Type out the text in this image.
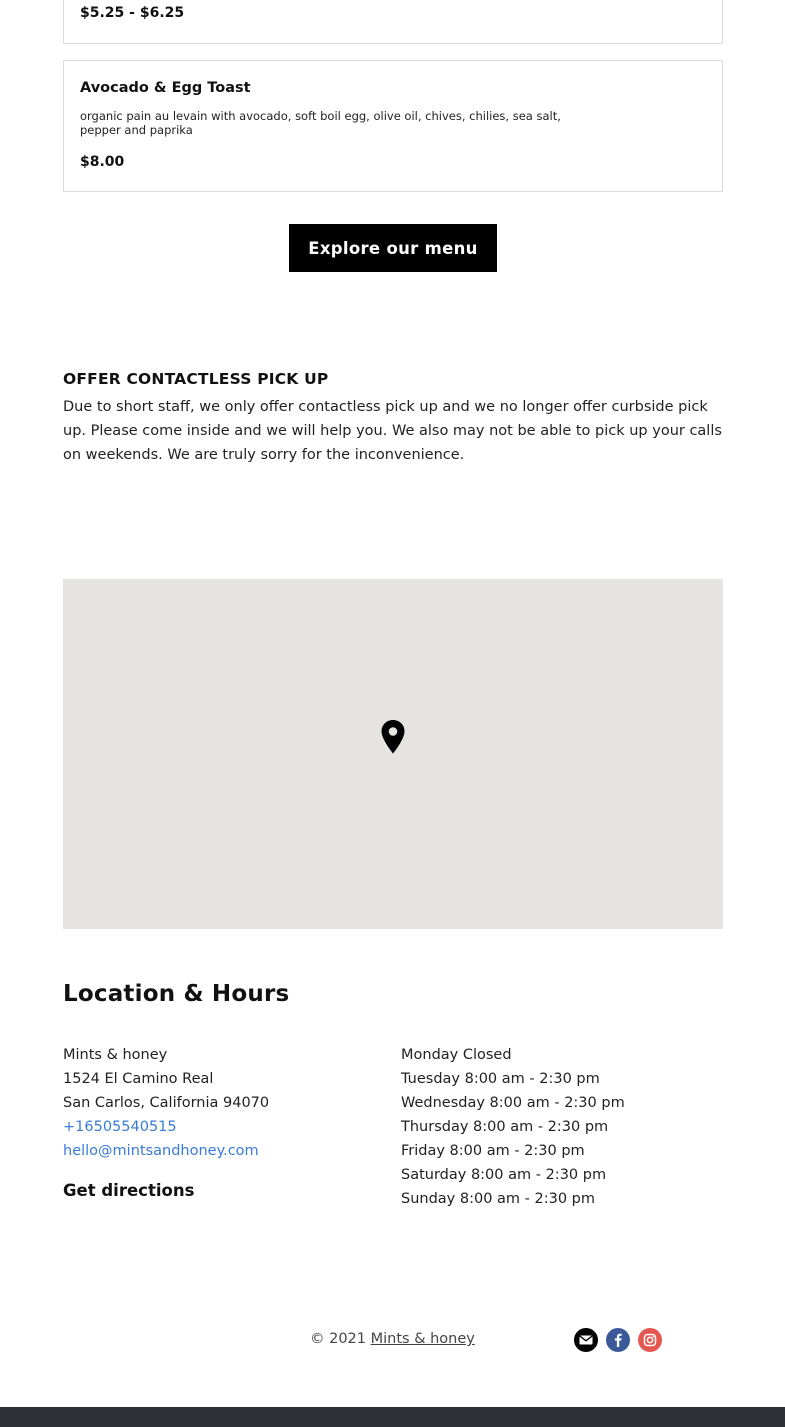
$5.25 - $6.25
Avocado & Egg Toast
organic pain au levain with avocado, soft boil egg, olive oil, chives, chilies, sea salt, pepper and paprika
$8.00
Explore our menu
OFFER CONTACTLESS PICK UP
Due to short staff, we only offer contactless pick up and we no longer offer curbside pick up. Please come inside and we will help you. We also may not be able to pick up your calls on weekends. We are truly sorry for the inconvenience.
Location & Hours
Mints & honey
1524 El Camino Real
San Carlos, California 94070
+16505540515
hello@mintsandhoney.com
Get directions
Monday Closed
Tuesday 8:00 am - 2:30 pm
Wednesday 8:00 am - 2:30 pm
Thursday 8:00 am - 2:30 pm
Friday 8:00 am - 2:30 pm
Saturday 8:00 am - 2:30 pm
Sunday 8:00 am - 2:30 pm
© 2021 Mints & honey
